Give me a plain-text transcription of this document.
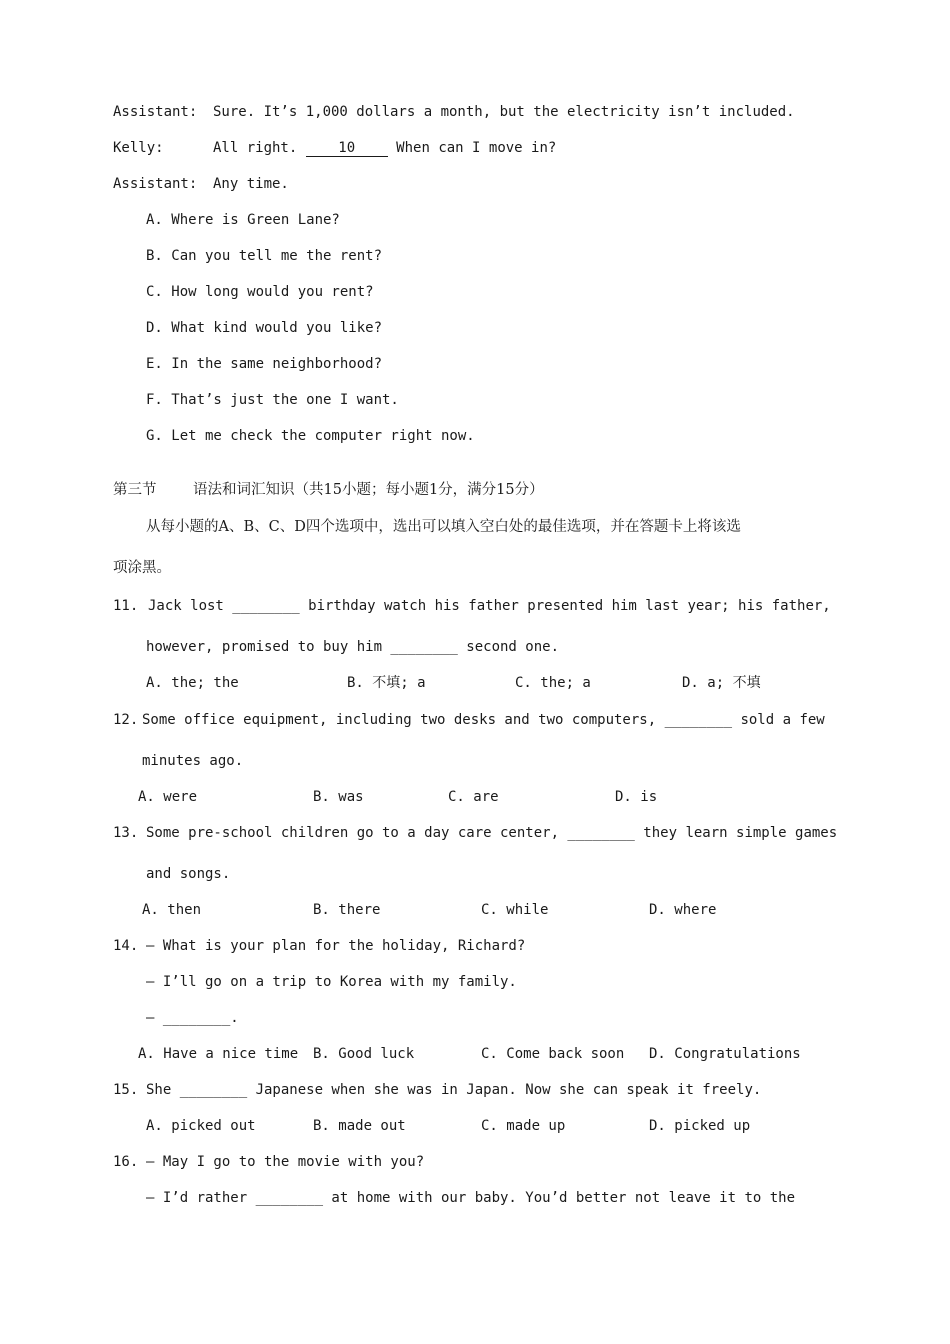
Assistant: Sure. It’s 1,000 dollars a month, but the electricity isn’t included.
Kelly:	All right.	10	When can I move in?
Assistant: Any time.
A. Where is Green Lane?
B. Can you tell me the rent?
C. How long would you rent?
D. What kind would you like?
E. In the same neighborhood?
F. That’s just the one I want.
G. Let me check the computer right now.
第三节	语法和词汇知识（共15小题；每小题1分，满分15分）
从每小题的A、B、C、D四个选项中，选出可以填入空白处的最佳选项，并在答题卡上将该选
项涂黑。
11. Jack lost ________ birthday watch his father presented him last year; his father,
however, promised to buy him ________ second one.
A. the; the	B. 不填; a	C. the; a	D. a; 不填
12. Some office equipment, including two desks and two computers, ________ sold a few
minutes ago.
A. were	B. was	C. are	D. is
13. Some pre-school children go to a day care center, ________ they learn simple games
and songs.
A. then	B. there	C. while	D. where
14. — What is your plan for the holiday, Richard?
— I’ll go on a trip to Korea with my family.
— ________.
A. Have a nice time B. Good luck	C. Come back soon D. Congratulations
15. She ________ Japanese when she was in Japan. Now she can speak it freely.
A. picked out	B. made out	C. made up	D. picked up
16. — May I go to the movie with you?
— I’d rather ________ at home with our baby. You’d better not leave it to the
